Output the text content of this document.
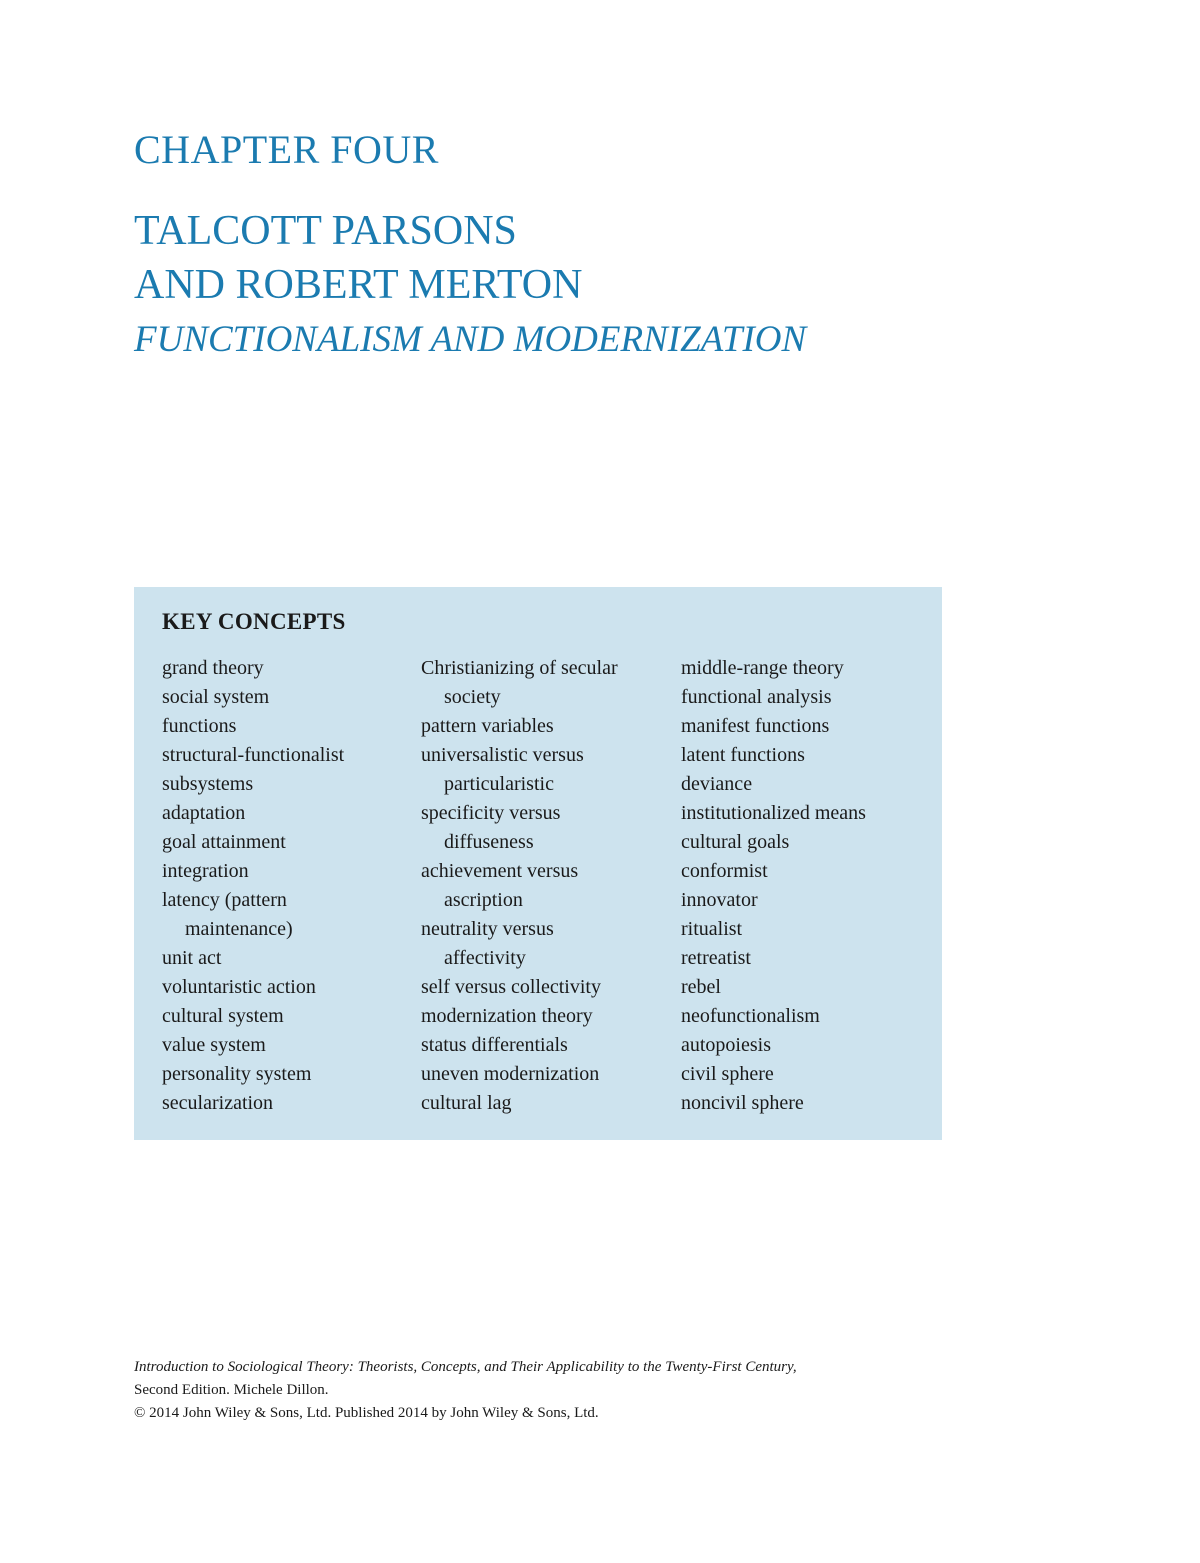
CHAPTER FOUR
TALCOTT PARSONS
AND ROBERT MERTON
FUNCTIONALISM AND MODERNIZATION
KEY CONCEPTS
grand theory
social system
functions
structural-functionalist
subsystems
adaptation
goal attainment
integration
latency (pattern
maintenance)
unit act
voluntaristic action
cultural system
value system
personality system
secularization
Christianizing of secular
society
pattern variables
universalistic versus
particularistic
specificity versus
diffuseness
achievement versus
ascription
neutrality versus
affectivity
self versus collectivity
modernization theory
status differentials
uneven modernization
cultural lag
middle-range theory
functional analysis
manifest functions
latent functions
deviance
institutionalized means
cultural goals
conformist
innovator
ritualist
retreatist
rebel
neofunctionalism
autopoiesis
civil sphere
noncivil sphere
Introduction to Sociological Theory: Theorists, Concepts, and Their Applicability to the Twenty-First Century,
Second Edition. Michele Dillon.
© 2014 John Wiley & Sons, Ltd. Published 2014 by John Wiley & Sons, Ltd.
